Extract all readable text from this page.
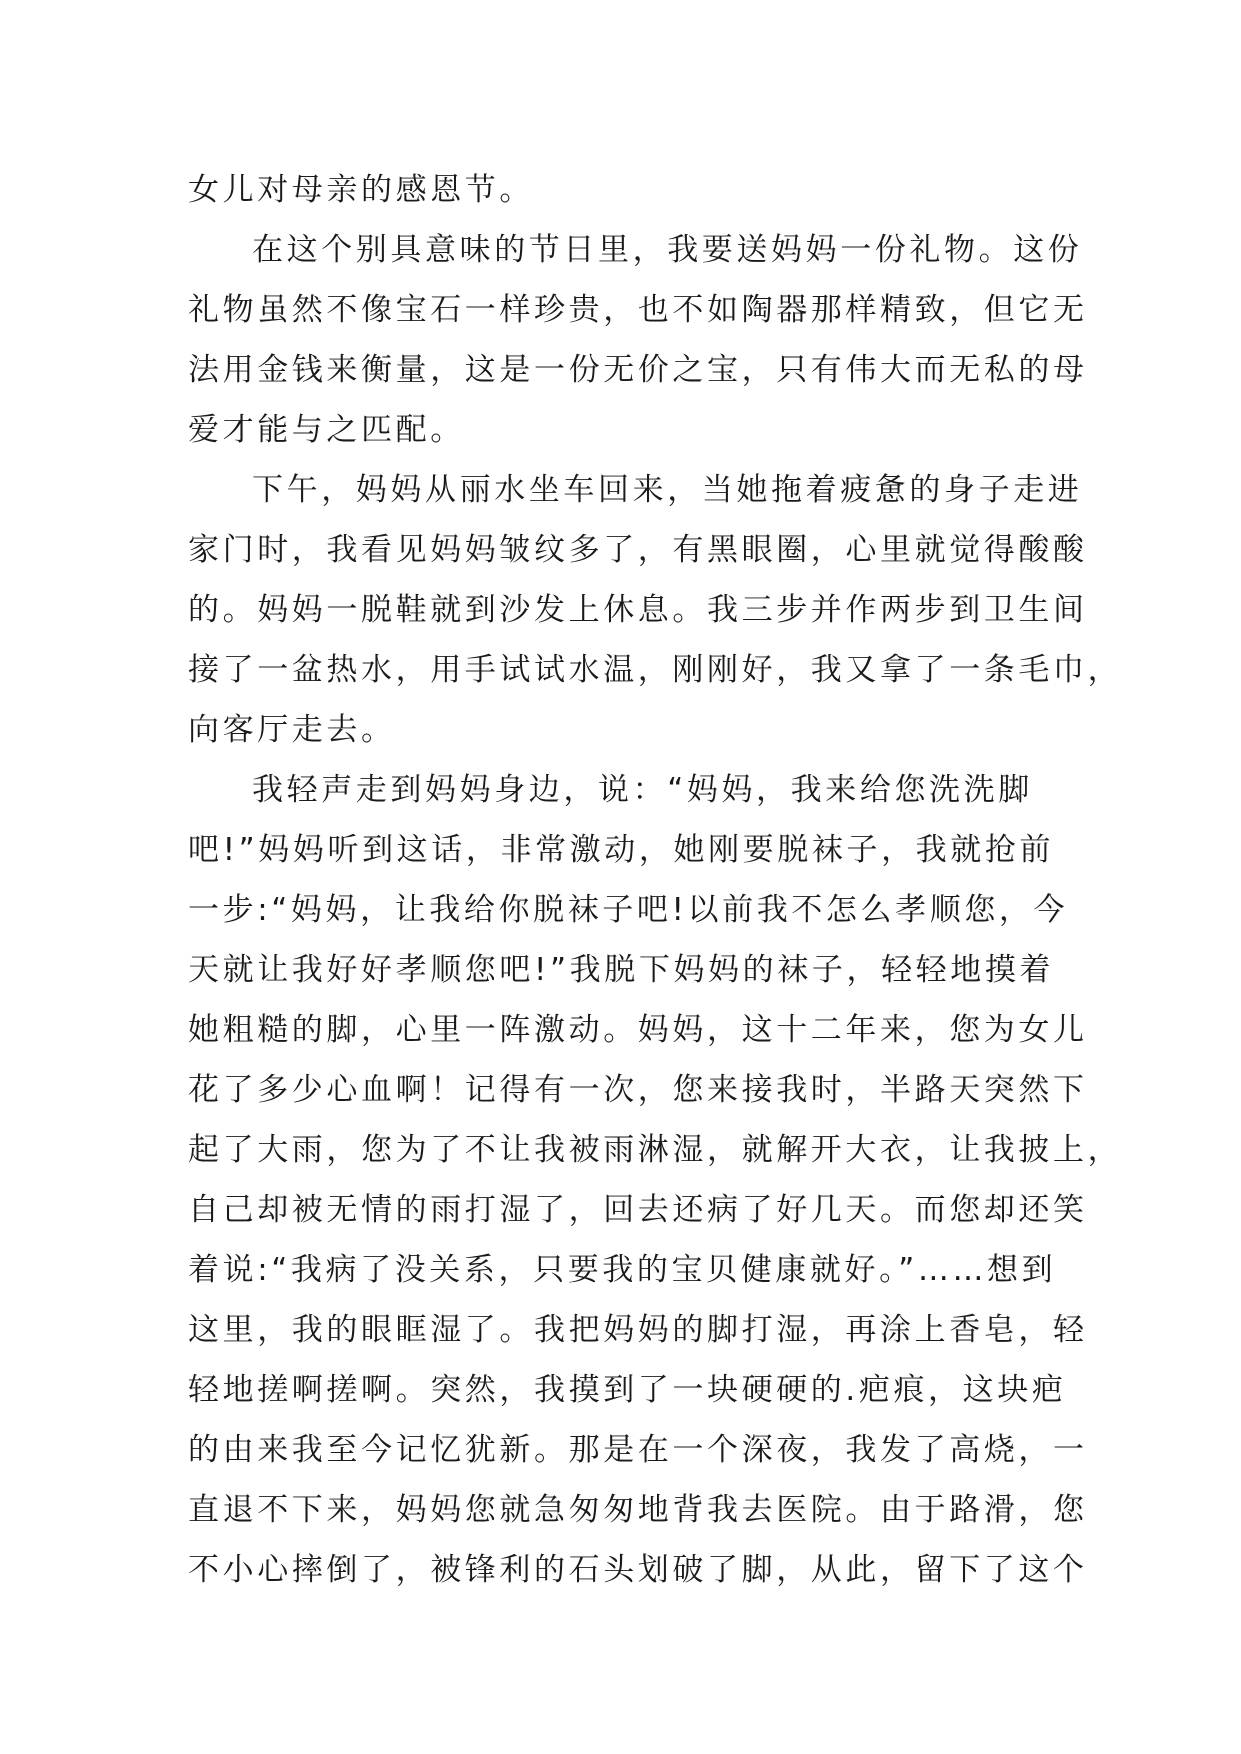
女儿对母亲的感恩节。
在这个别具意味的节日里，我要送妈妈一份礼物。这份
礼物虽然不像宝石一样珍贵，也不如陶器那样精致，但它无
法用金钱来衡量，这是一份无价之宝，只有伟大而无私的母
爱才能与之匹配。
下午，妈妈从丽水坐车回来，当她拖着疲惫的身子走进
家门时，我看见妈妈皱纹多了，有黑眼圈，心里就觉得酸酸
的。妈妈一脱鞋就到沙发上休息。我三步并作两步到卫生间
接了一盆热水，用手试试水温，刚刚好，我又拿了一条毛巾，
向客厅走去。
我轻声走到妈妈身边，说：“妈妈，我来给您洗洗脚
吧!”妈妈听到这话，非常激动，她刚要脱袜子，我就抢前
一步:“妈妈，让我给你脱袜子吧!以前我不怎么孝顺您，今
天就让我好好孝顺您吧!”我脱下妈妈的袜子，轻轻地摸着
她粗糙的脚，心里一阵激动。妈妈，这十二年来，您为女儿
花了多少心血啊！记得有一次，您来接我时，半路天突然下
起了大雨，您为了不让我被雨淋湿，就解开大衣，让我披上，
自己却被无情的雨打湿了，回去还病了好几天。而您却还笑
着说:“我病了没关系，只要我的宝贝健康就好。”……想到
这里，我的眼眶湿了。我把妈妈的脚打湿，再涂上香皂，轻
轻地搓啊搓啊。突然，我摸到了一块硬硬的.疤痕，这块疤
的由来我至今记忆犹新。那是在一个深夜，我发了高烧，一
直退不下来，妈妈您就急匆匆地背我去医院。由于路滑，您
不小心摔倒了，被锋利的石头划破了脚，从此，留下了这个
